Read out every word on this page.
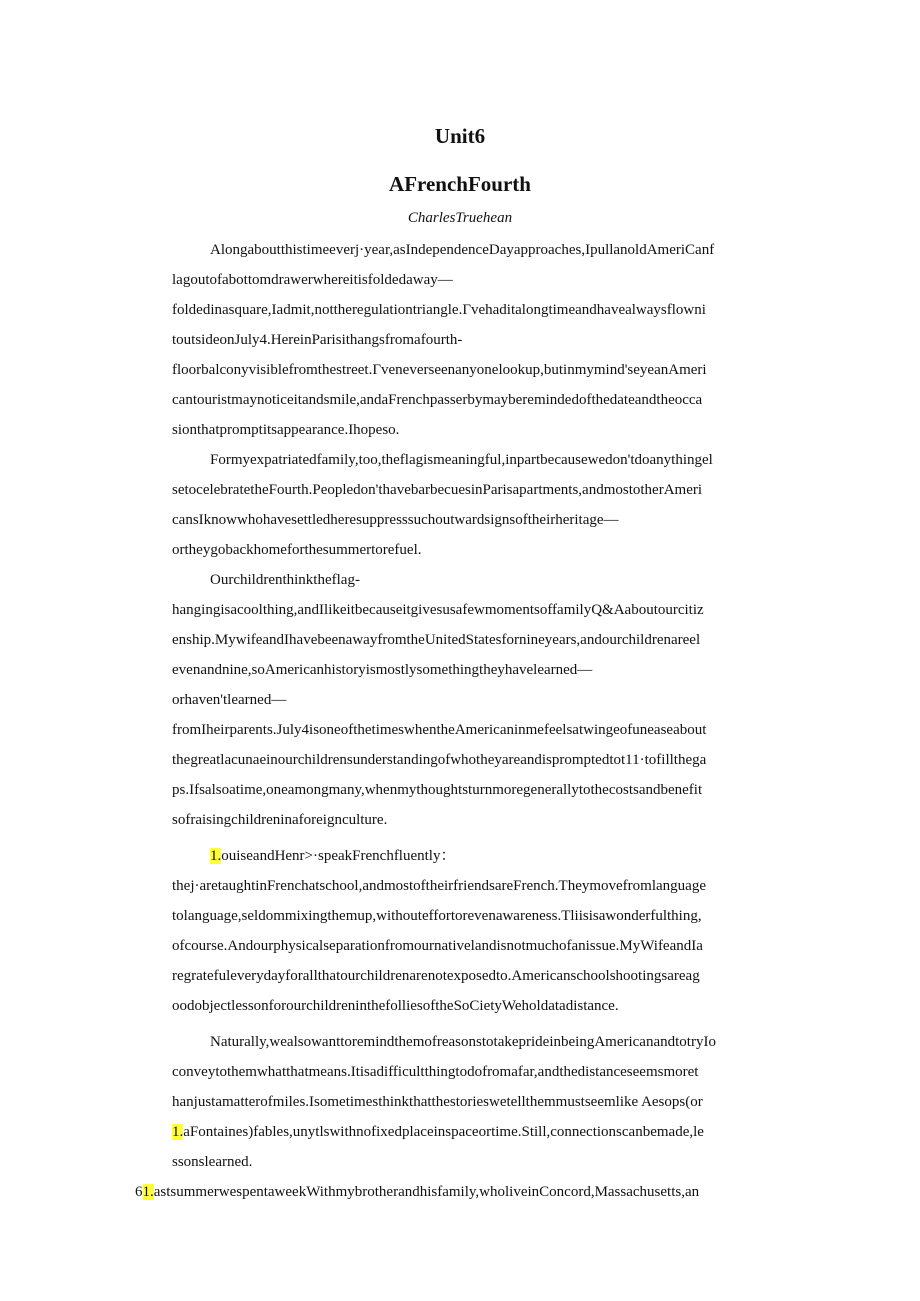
Unit6
AFrenchFourth
CharlesTruehean
Alongaboutthistimeeverj·year,asIndependenceDayapproaches,IpullanoldAmeriCanf
lagoutofabottomdrawerwhereitisfoldedaway—
foldedinasquare,Iadmit,nottheregulationtriangle.Γvehaditalongtimeandhavealwaysflowni
toutsideonJuly4.HereinParisithangsfromafourth-
floorbalconyvisiblefromthestreet.Γveneverseenanyonelookup,butinmymind'seyeanAmeri
cantouristmaynoticeitandsmile,andaFrenchpasserbymayberemindedofthedateandtheocca
sionthatpromptitsappearance.Ihopeso.
Formyexpatriatedfamily,too,theflagismeaningful,inpartbecausewedon'tdoanythingel
setocelebratetheFourth.Peopledon'thavebarbecuesinParisapartments,andmostotherAmeri
cansIknowwhohavesettledheresuppresssuchoutwardsignsoftheirheritage—
ortheygobackhomeforthesummertorefuel.
Ourchildrenthinktheflag-
hangingisacoolthing,andIlikeitbecauseitgivesusafewmomentsoffamilyQ&Aaboutourcitiz
enship.MywifeandIhavebeenawayfromtheUnitedStatesfornineyears,andourchildrenareel
evenandnine,soAmericanhistoryismostlysomethingtheyhavelearned—
orhaven'tlearned—
fromIheirparents.July4isoneofthetimeswhentheAmericaninmefeelsatwingeofuneaseabout
thegreatlacunaeinourchildrensunderstandingofwhotheyareandispromptedtot11·tofillthega
ps.Ifsalsoatime,oneamongmany,whenmythoughtsturnmoregenerallytothecostsandbenefit
sofraisingchildreninaforeignculture.
1.ouiseandHenr>·speakFrenchfluently：
thej·aretaughtinFrenchatschool,andmostoftheirfriendsareFrench.Theymovefromlanguage
tolanguage,seldommixingthemup,withouteffortorevenawareness.Tliisisawonderfulthing,
ofcourse.Andourphysicalseparationfromournativelandisnotmuchofanissue.MyWifeandIa
regratefuleverydayforallthatourchildrenarenotexposedto.Americanschoolshootingsareag
oodobjectlessonforourchildreninthefolliesoftheSoCietyWeholdatadistance.
Naturally,wealsowanttoremindthemofreasonstotakeprideinbeingAmericanandtotryIo
conveytothemwhatthatmeans.Itisadifficultthingtodofromafar,andthedistanceseemsmoret
hanjustamatterofmiles.Isometimesthinkthatthestorieswetellthemmustseemlike Aesops(or
1.aFontaines)fables,unytlswithnofixedplaceinspaceortime.Still,connectionscanbemade,le
ssonslearned.
61.astsummerwespentaweekWithmybrotherandhisfamily,wholiveinConcord,Massachusetts,an
